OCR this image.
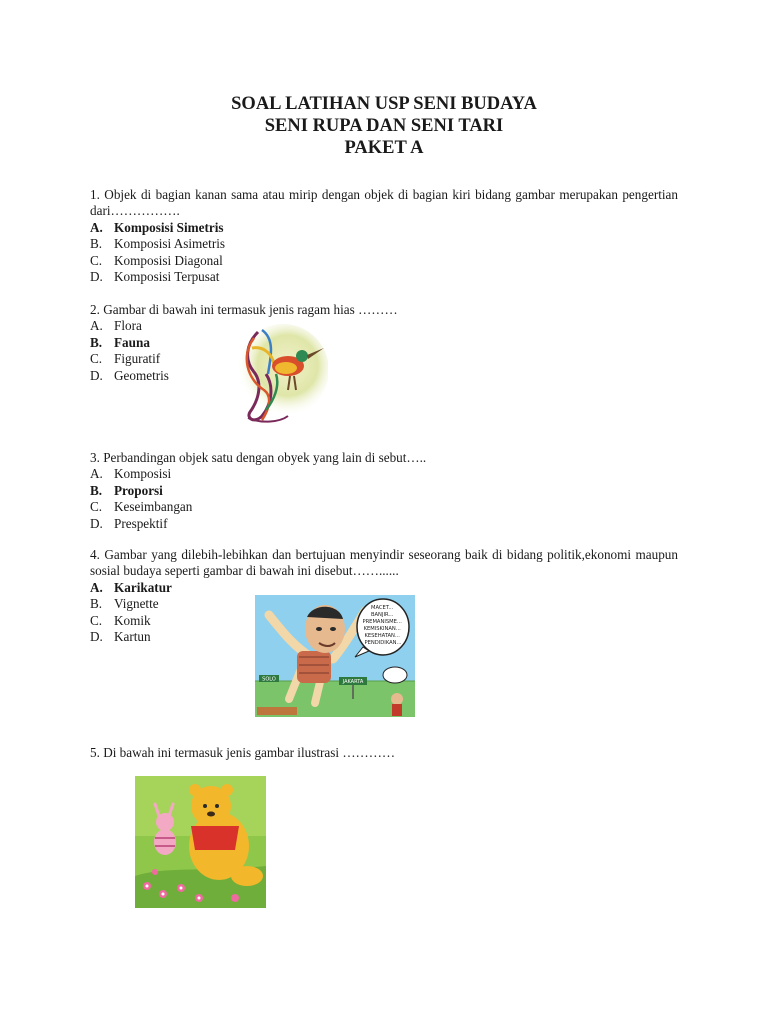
SOAL LATIHAN USP SENI BUDAYA
SENI RUPA DAN SENI TARI
PAKET A

1. Objek di bagian kanan sama atau mirip dengan objek di bagian kiri bidang gambar merupakan pengertian dari…………….

A. Komposisi Simetris
B. Komposisi Asimetris
C. Komposisi Diagonal
D. Komposisi Terpusat

2. Gambar di bawah ini termasuk jenis ragam hias ………

A. Flora
B. Fauna
C. Figuratif
D. Geometris

3. Perbandingan objek satu dengan obyek yang lain di sebut…..

A. Komposisi
B. Proporsi
C. Keseimbangan
D. Prespektif

4. Gambar yang dilebih-lebihkan dan bertujuan menyindir seseorang baik di bidang politik,ekonomi maupun sosial budaya seperti gambar di bawah ini disebut……......

A. Karikatur
B. Vignette
C. Komik
D. Kartun
MACET... BANJIR... PREMANISME... KEMISKINAN... KESEHATAN... PENDIDIKAN...
SOLO	JAKARTA

5. Di bawah ini termasuk jenis gambar ilustrasi …………
